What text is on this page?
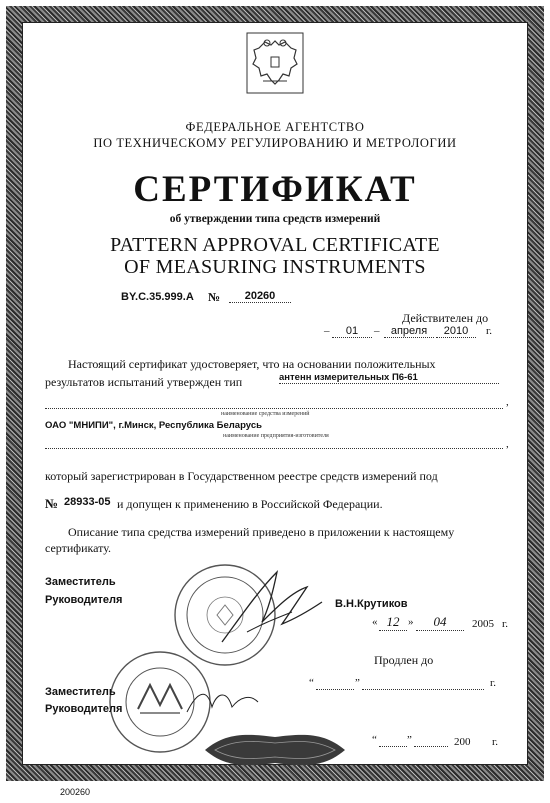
ФЕДЕРАЛЬНОЕ АГЕНТСТВО
ПО ТЕХНИЧЕСКОМУ РЕГУЛИРОВАНИЮ И МЕТРОЛОГИИ
СЕРТИФИКАТ
об утверждении типа средств измерений
PATTERN APPROVAL CERTIFICATE
OF MEASURING INSTRUMENTS
BY.C.35.999.A №	20260
Действителен до
–	01	–	апреля	2010	г.
Настоящий сертификат удостоверяет, что на основании положительных
результатов испытаний утвержден тип	антенн измерительных П6-61
,
наименование средства измерений
ОАО "МНИПИ", г.Минск, Республика Беларусь
наименование предприятия-изготовителя
,
который зарегистрирован в Государственном реестре средств измерений под
№ 28933-05 и допущен к применению в Российской Федерации.
Описание типа средства измерений приведено в приложении к настоящему
сертификату.
Заместитель
Руководителя	В.Н.Крутиков
« 12 »	04	2005 г.
Продлен до
“	”	г.
Заместитель
Руководителя
“	”	200 г.
200260
